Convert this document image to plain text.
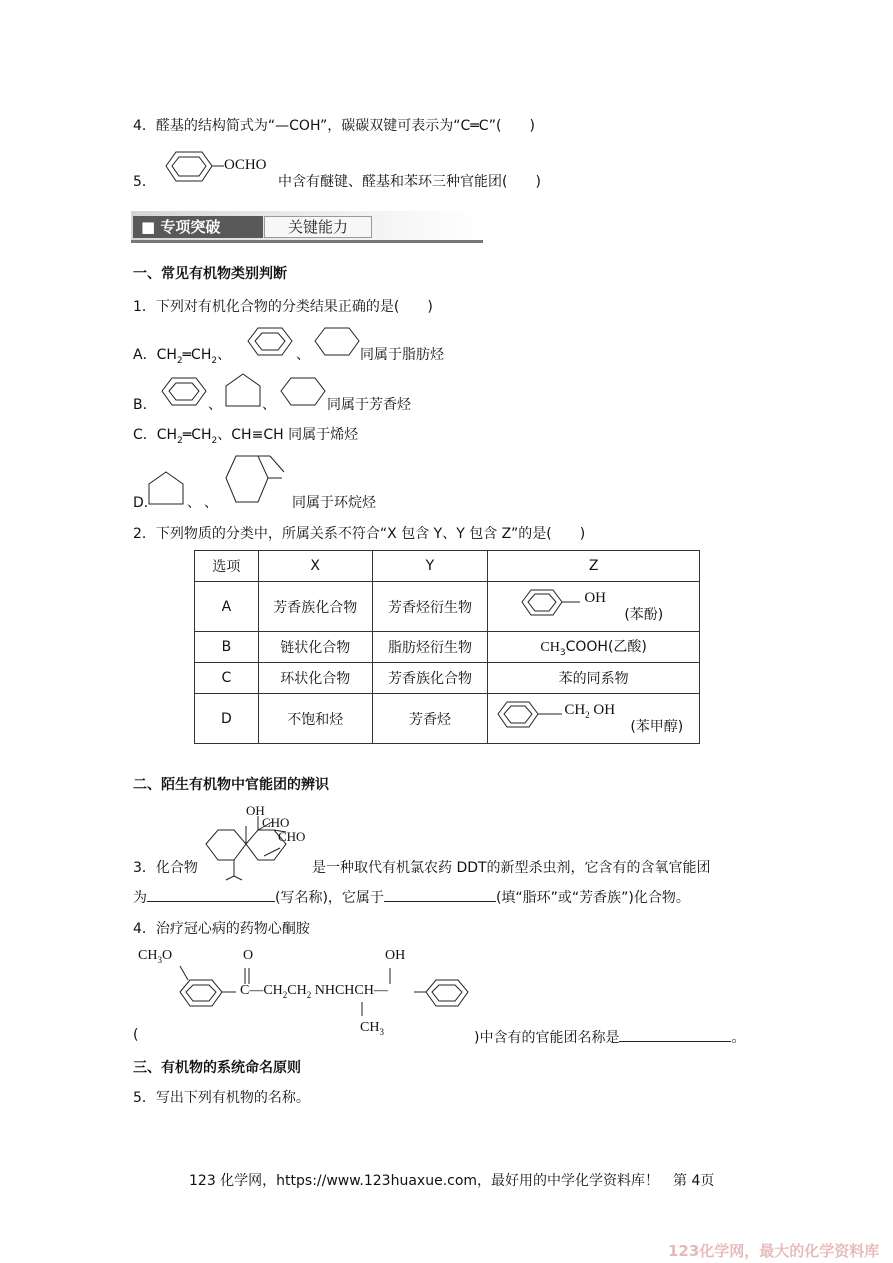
4．醛基的结构简式为“—COH”，碳碳双键可表示为“C═C”(　　)
5．
OCHO
中含有醚键、醛基和苯环三种官能团(　　)
■ 专项突破	关键能力
一、常见有机物类别判断
1．下列对有机化合物的分类结果正确的是(　　)
A．$CH_2═CH_2$、	、	同属于脂肪烃
B．	、	、	同属于芳香烃
C．$CH_2═CH_2$、CH≡CH 同属于烯烃
D． 、 、	同属于环烷烃
2．下列物质的分类中，所属关系不符合“X 包含 Y、Y 包含 Z”的是(　　)
选项	X	Y	Z
A	芳香族化合物	芳香烃衍生物	OH
(苯酚)

B	链状化合物	脂肪烃衍生物	$CH_3COOH$(乙酸)
C	环状化合物	芳香族化合物	苯的同系物
D	不饱和烃	芳香烃	$CH_2$ OH
(苯甲醇)
二、陌生有机物中官能团的辨识
OH
CHO
CHO
3．化合物	是一种取代有机氯农药 DDT的新型杀虫剂，它含有的含氧官能团
为	(写名称)，它属于	(填“脂环”或“芳香族”)化合物。
4．治疗冠心病的药物心酮胺
$CH_3O$	O	OH
$C—CH_2CH_2$ NHCHCH—
$CH_3$
(	)中含有的官能团名称是	。
三、有机物的系统命名原则
5．写出下列有机物的名称。
123 化学网，https://www.123huaxue.com，最好用的中学化学资料库！　第 4页
123化学网，最大的化学资料库
